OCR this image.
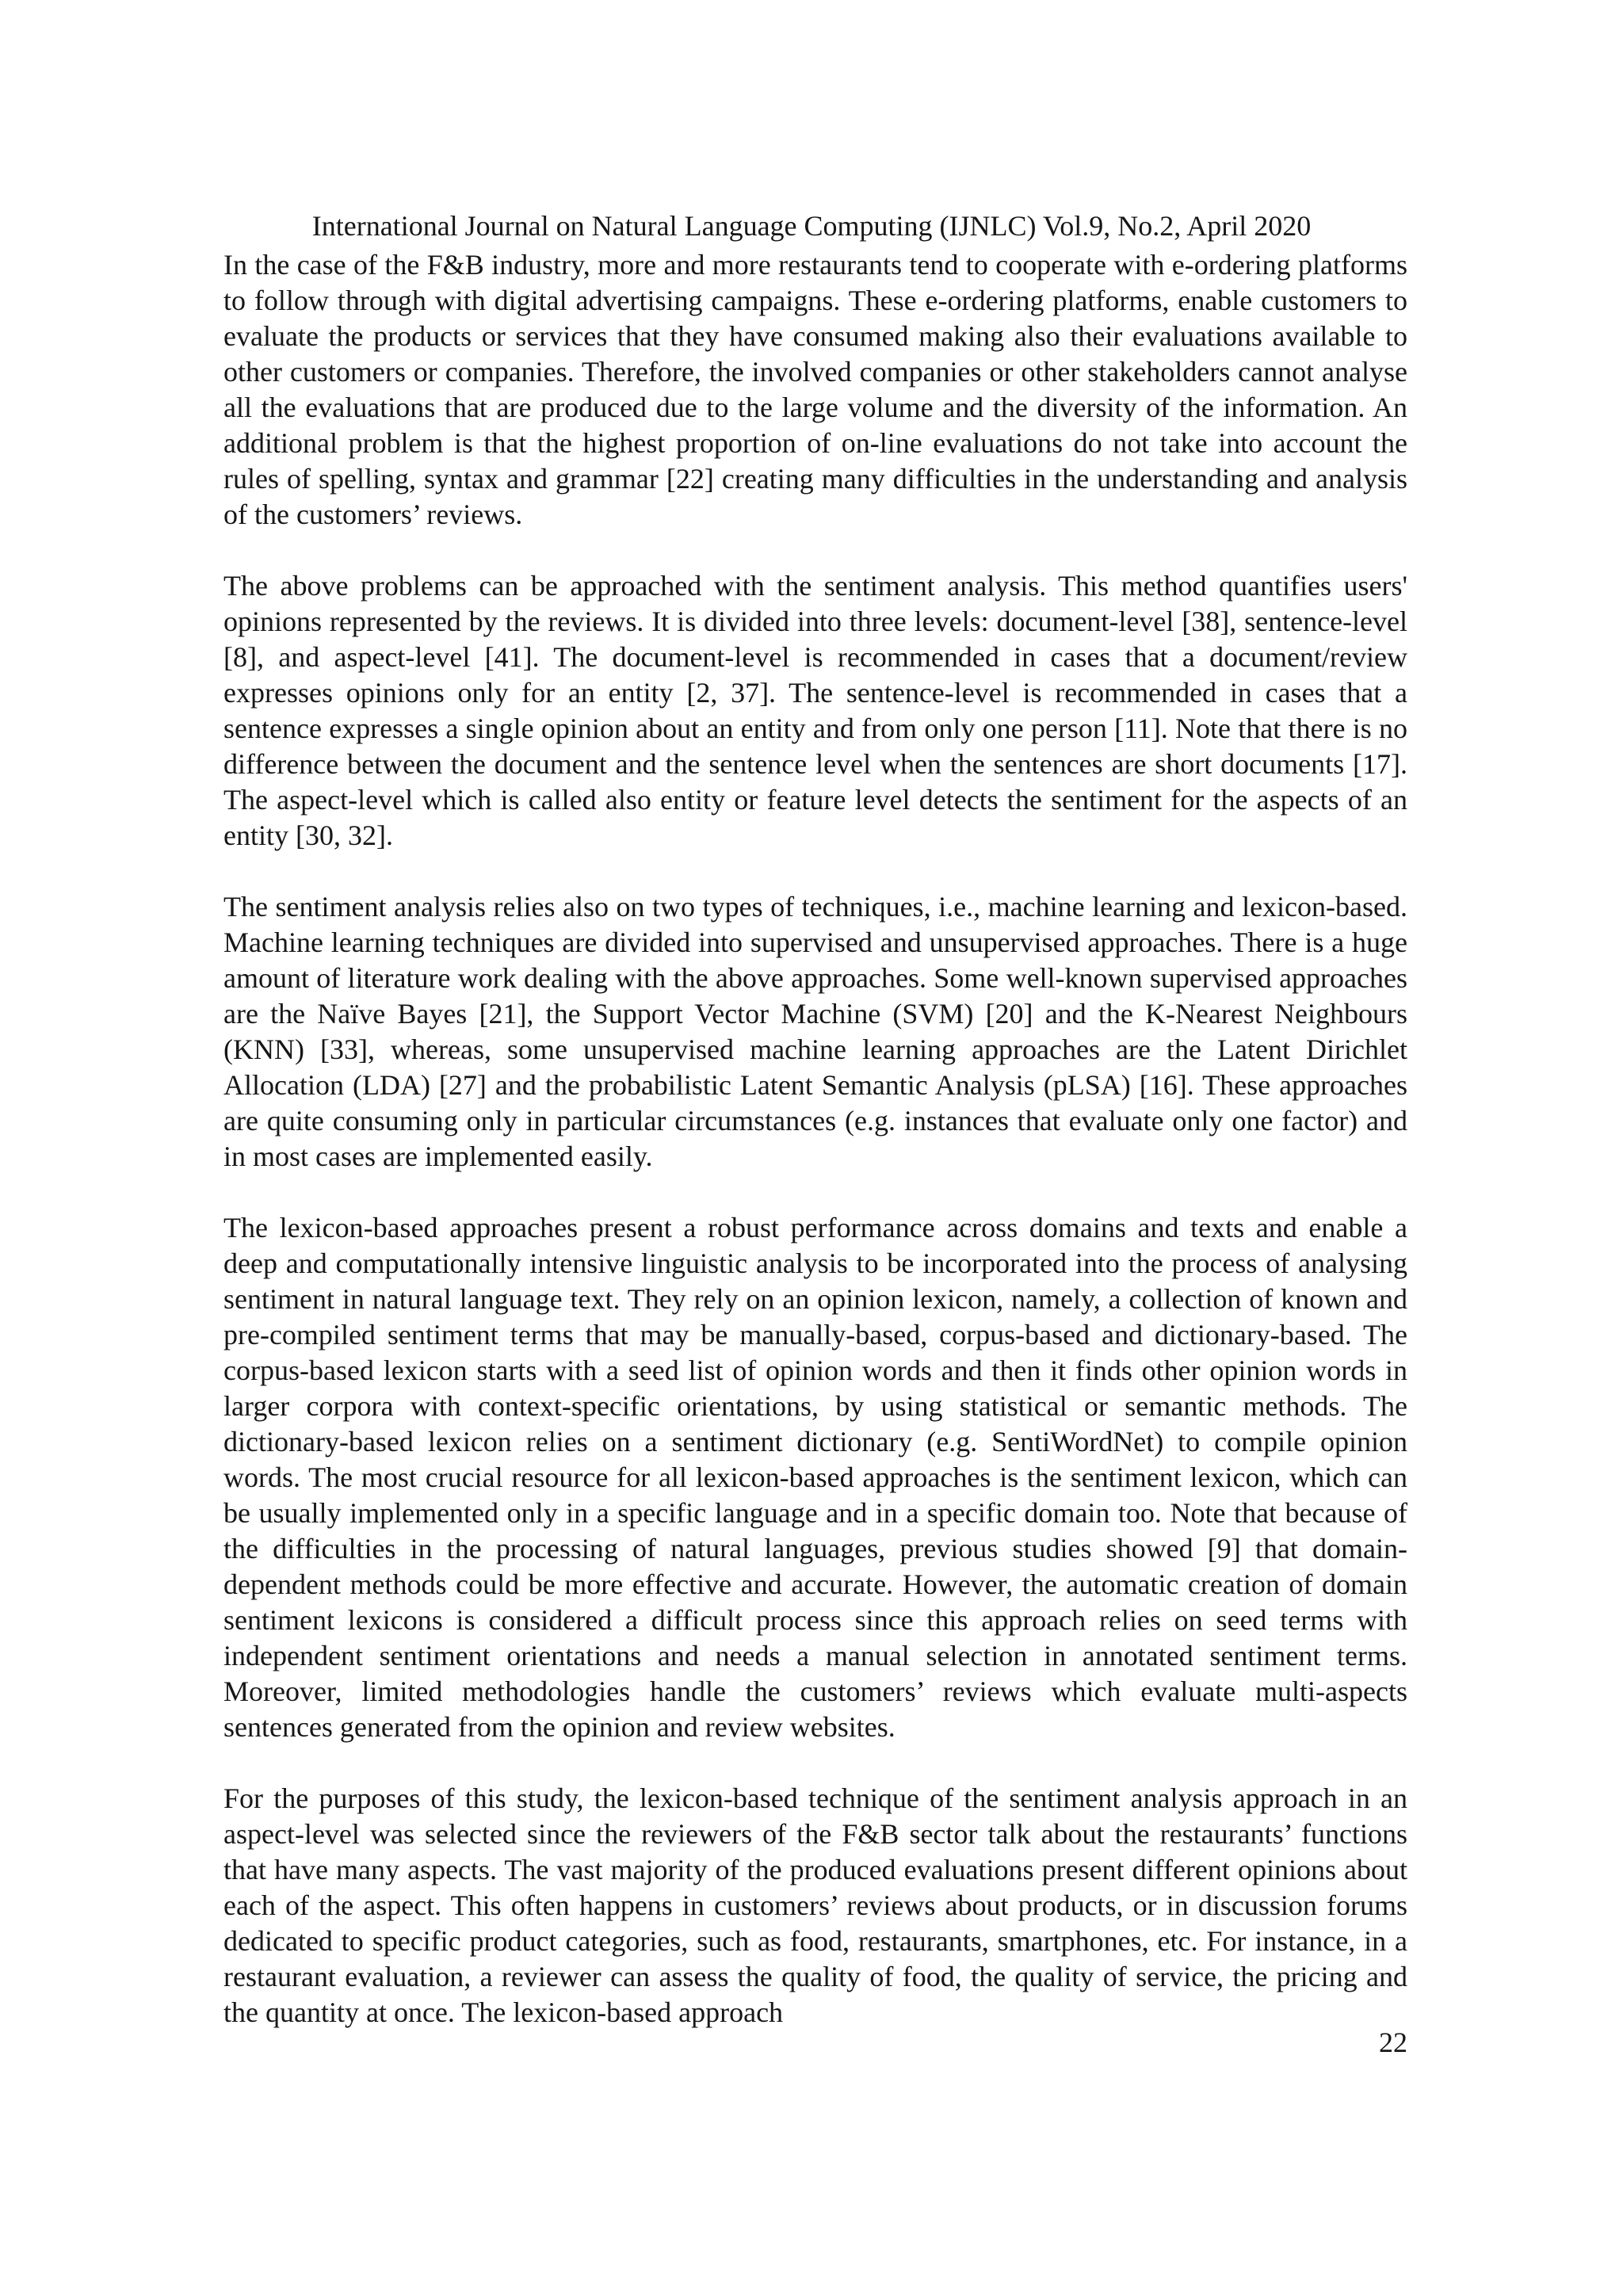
International Journal on Natural Language Computing (IJNLC) Vol.9, No.2, April 2020

In the case of the F&B industry, more and more restaurants tend to cooperate with e-ordering platforms to follow through with digital advertising campaigns. These e-ordering platforms, enable customers to evaluate the products or services that they have consumed making also their evaluations available to other customers or companies. Therefore, the involved companies or other stakeholders cannot analyse all the evaluations that are produced due to the large volume and the diversity of the information. An additional problem is that the highest proportion of on-line evaluations do not take into account the rules of spelling, syntax and grammar [22] creating many difficulties in the understanding and analysis of the customers’ reviews.

The above problems can be approached with the sentiment analysis. This method quantifies users' opinions represented by the reviews. It is divided into three levels: document-level [38], sentence-level [8], and aspect-level [41]. The document-level is recommended in cases that a document/review expresses opinions only for an entity [2, 37]. The sentence-level is recommended in cases that a sentence expresses a single opinion about an entity and from only one person [11]. Note that there is no difference between the document and the sentence level when the sentences are short documents [17]. The aspect-level which is called also entity or feature level detects the sentiment for the aspects of an entity [30, 32].

The sentiment analysis relies also on two types of techniques, i.e., machine learning and lexicon-based. Machine learning techniques are divided into supervised and unsupervised approaches. There is a huge amount of literature work dealing with the above approaches. Some well-known supervised approaches are the Naïve Bayes [21], the Support Vector Machine (SVM) [20] and the K-Nearest Neighbours (KNN) [33], whereas, some unsupervised machine learning approaches are the Latent Dirichlet Allocation (LDA) [27] and the probabilistic Latent Semantic Analysis (pLSA) [16]. These approaches are quite consuming only in particular circumstances (e.g. instances that evaluate only one factor) and in most cases are implemented easily.

The lexicon-based approaches present a robust performance across domains and texts and enable a deep and computationally intensive linguistic analysis to be incorporated into the process of analysing sentiment in natural language text. They rely on an opinion lexicon, namely, a collection of known and pre-compiled sentiment terms that may be manually-based, corpus-based and dictionary-based. The corpus-based lexicon starts with a seed list of opinion words and then it finds other opinion words in larger corpora with context-specific orientations, by using statistical or semantic methods. The dictionary-based lexicon relies on a sentiment dictionary (e.g. SentiWordNet) to compile opinion words. The most crucial resource for all lexicon-based approaches is the sentiment lexicon, which can be usually implemented only in a specific language and in a specific domain too. Note that because of the difficulties in the processing of natural languages, previous studies showed [9] that domain-dependent methods could be more effective and accurate. However, the automatic creation of domain sentiment lexicons is considered a difficult process since this approach relies on seed terms with independent sentiment orientations and needs a manual selection in annotated sentiment terms. Moreover, limited methodologies handle the customers’ reviews which evaluate multi-aspects sentences generated from the opinion and review websites.

For the purposes of this study, the lexicon-based technique of the sentiment analysis approach in an aspect-level was selected since the reviewers of the F&B sector talk about the restaurants’ functions that have many aspects. The vast majority of the produced evaluations present different opinions about each of the aspect. This often happens in customers’ reviews about products, or in discussion forums dedicated to specific product categories, such as food, restaurants, smartphones, etc. For instance, in a restaurant evaluation, a reviewer can assess the quality of food, the quality of service, the pricing and the quantity at once. The lexicon-based approach

22
